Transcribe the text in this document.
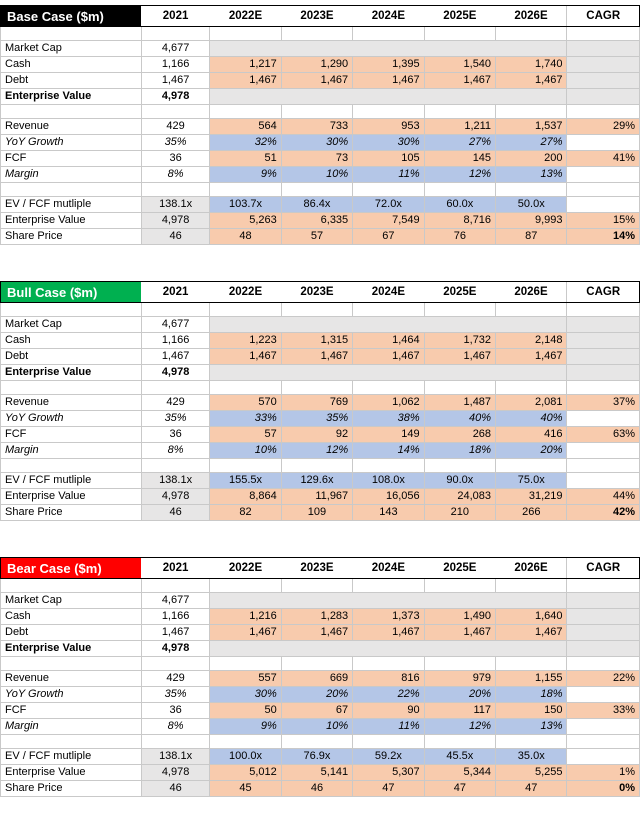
Base Case ($m)	2021	2022E	2023E	2024E	2025E	2026E	CAGR

Market Cap	4,677						
Cash	1,166	1,217	1,290	1,395	1,540	1,740	
Debt	1,467	1,467	1,467	1,467	1,467	1,467	
Enterprise Value	4,978						

Revenue	429	564	733	953	1,211	1,537	29%
YoY Growth	35%	32%	30%	30%	27%	27%	
FCF	36	51	73	105	145	200	41%
Margin	8%	9%	10%	11%	12%	13%	

EV / FCF mutliple	138.1x	103.7x	86.4x	72.0x	60.0x	50.0x	
Enterprise Value	4,978	5,263	6,335	7,549	8,716	9,993	15%
Share Price	46	48	57	67	76	87	14%
Bull Case ($m)	2021	2022E	2023E	2024E	2025E	2026E	CAGR

Market Cap	4,677						
Cash	1,166	1,223	1,315	1,464	1,732	2,148	
Debt	1,467	1,467	1,467	1,467	1,467	1,467	
Enterprise Value	4,978						

Revenue	429	570	769	1,062	1,487	2,081	37%
YoY Growth	35%	33%	35%	38%	40%	40%	
FCF	36	57	92	149	268	416	63%
Margin	8%	10%	12%	14%	18%	20%	

EV / FCF mutliple	138.1x	155.5x	129.6x	108.0x	90.0x	75.0x	
Enterprise Value	4,978	8,864	11,967	16,056	24,083	31,219	44%
Share Price	46	82	109	143	210	266	42%
Bear Case ($m)	2021	2022E	2023E	2024E	2025E	2026E	CAGR

Market Cap	4,677						
Cash	1,166	1,216	1,283	1,373	1,490	1,640	
Debt	1,467	1,467	1,467	1,467	1,467	1,467	
Enterprise Value	4,978						

Revenue	429	557	669	816	979	1,155	22%
YoY Growth	35%	30%	20%	22%	20%	18%	
FCF	36	50	67	90	117	150	33%
Margin	8%	9%	10%	11%	12%	13%	

EV / FCF mutliple	138.1x	100.0x	76.9x	59.2x	45.5x	35.0x	
Enterprise Value	4,978	5,012	5,141	5,307	5,344	5,255	1%
Share Price	46	45	46	47	47	47	0%
